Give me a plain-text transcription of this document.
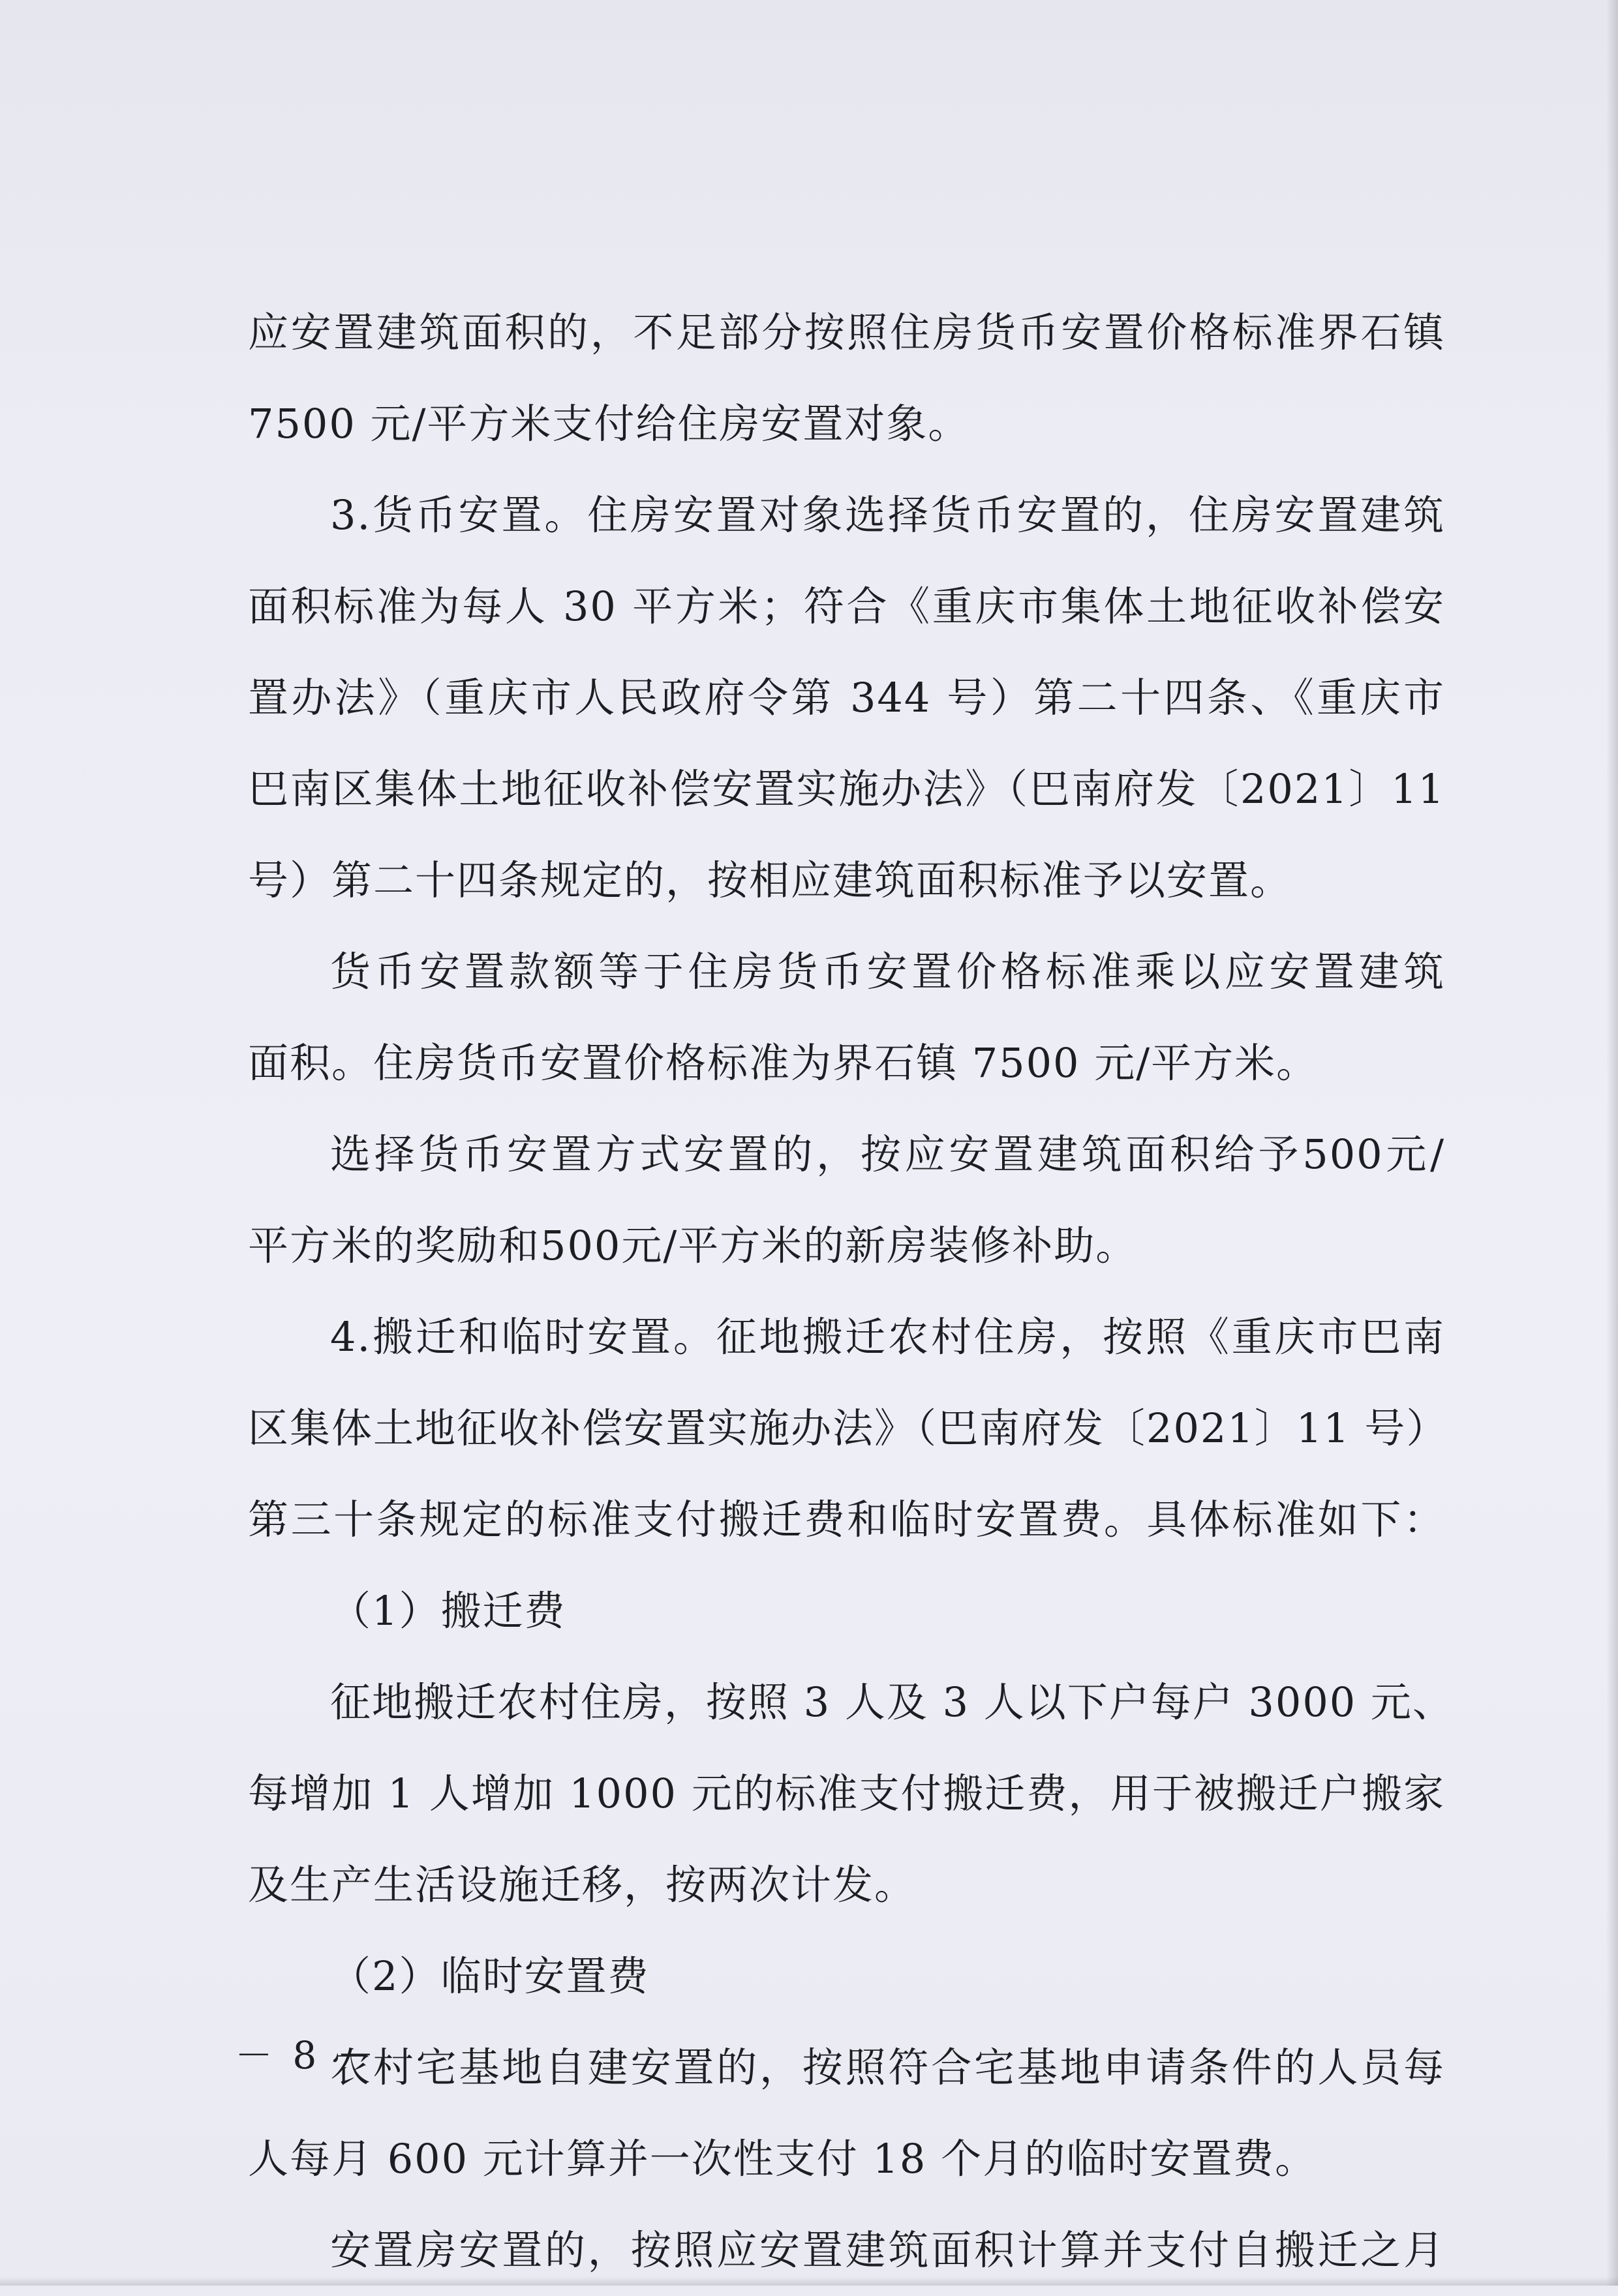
应安置建筑面积的，不足部分按照住房货币安置价格标准界石镇
7500 元/平方米支付给住房安置对象。
3.货币安置。住房安置对象选择货币安置的，住房安置建筑
面积标准为每人 30 平方米；符合《重庆市集体土地征收补偿安
置办法》（重庆市人民政府令第 344 号）第二十四条、《重庆市
巴南区集体土地征收补偿安置实施办法》（巴南府发〔2021〕11
号）第二十四条规定的，按相应建筑面积标准予以安置。
货币安置款额等于住房货币安置价格标准乘以应安置建筑
面积。住房货币安置价格标准为界石镇 7500 元/平方米。
选择货币安置方式安置的，按应安置建筑面积给予500元/
平方米的奖励和500元/平方米的新房装修补助。
4.搬迁和临时安置。征地搬迁农村住房，按照《重庆市巴南
区集体土地征收补偿安置实施办法》（巴南府发〔2021〕11 号）
第三十条规定的标准支付搬迁费和临时安置费。具体标准如下：
（1）搬迁费
征地搬迁农村住房，按照 3 人及 3 人以下户每户 3000 元、
每增加 1 人增加 1000 元的标准支付搬迁费，用于被搬迁户搬家
及生产生活设施迁移，按两次计发。
（2）临时安置费
农村宅基地自建安置的，按照符合宅基地申请条件的人员每
人每月 600 元计算并一次性支付 18 个月的临时安置费。
安置房安置的，按照应安置建筑面积计算并支付自搬迁之月
－ 8 －
